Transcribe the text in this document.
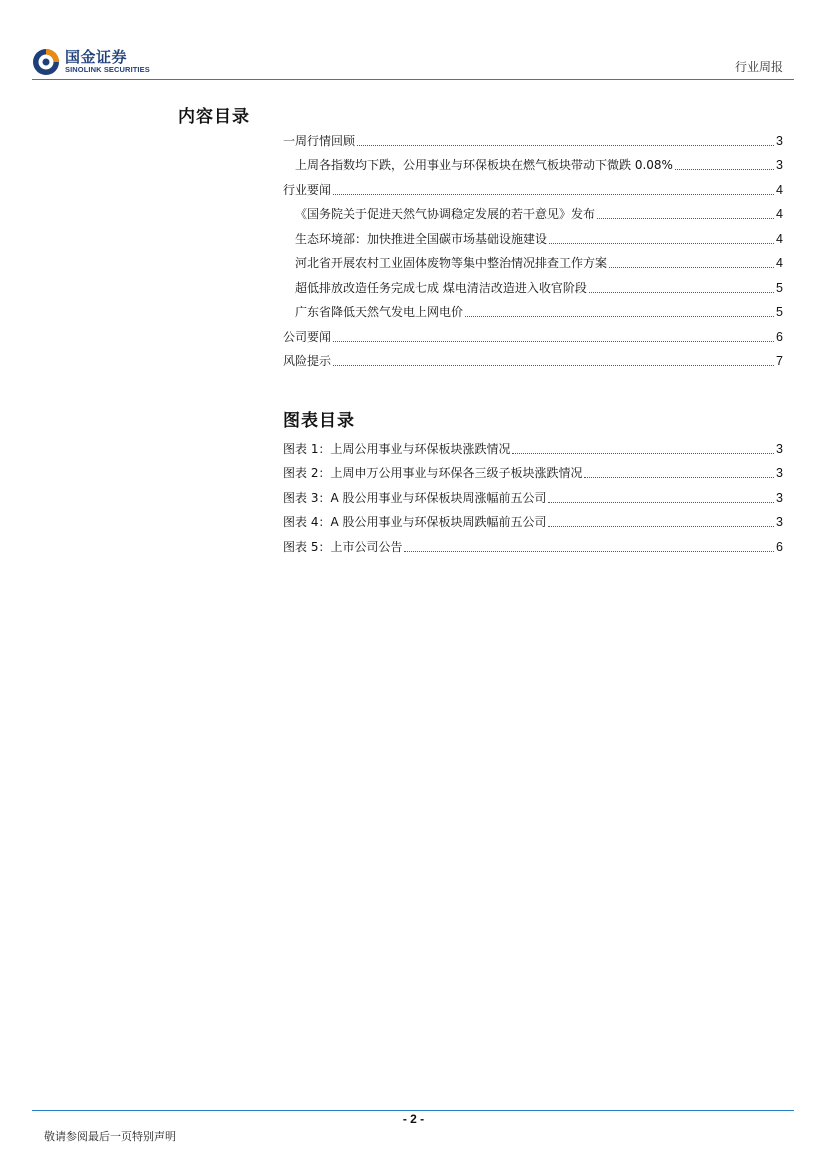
国金证券
SINOLINK SECURITIES	行业周报
内容目录
一周行情回顾	3
上周各指数均下跌，公用事业与环保板块在燃气板块带动下微跌 0.08%	3
行业要闻	4
《国务院关于促进天然气协调稳定发展的若干意见》发布	4
生态环境部：加快推进全国碳市场基础设施建设	4
河北省开展农村工业固体废物等集中整治情况排查工作方案	4
超低排放改造任务完成七成 煤电清洁改造进入收官阶段	5
广东省降低天然气发电上网电价	5
公司要闻	6
风险提示	7
图表目录
图表 1：上周公用事业与环保板块涨跌情况	3
图表 2：上周申万公用事业与环保各三级子板块涨跌情况	3
图表 3：A 股公用事业与环保板块周涨幅前五公司	3
图表 4：A 股公用事业与环保板块周跌幅前五公司	3
图表 5：上市公司公告	6
- 2 -
敬请参阅最后一页特别声明
